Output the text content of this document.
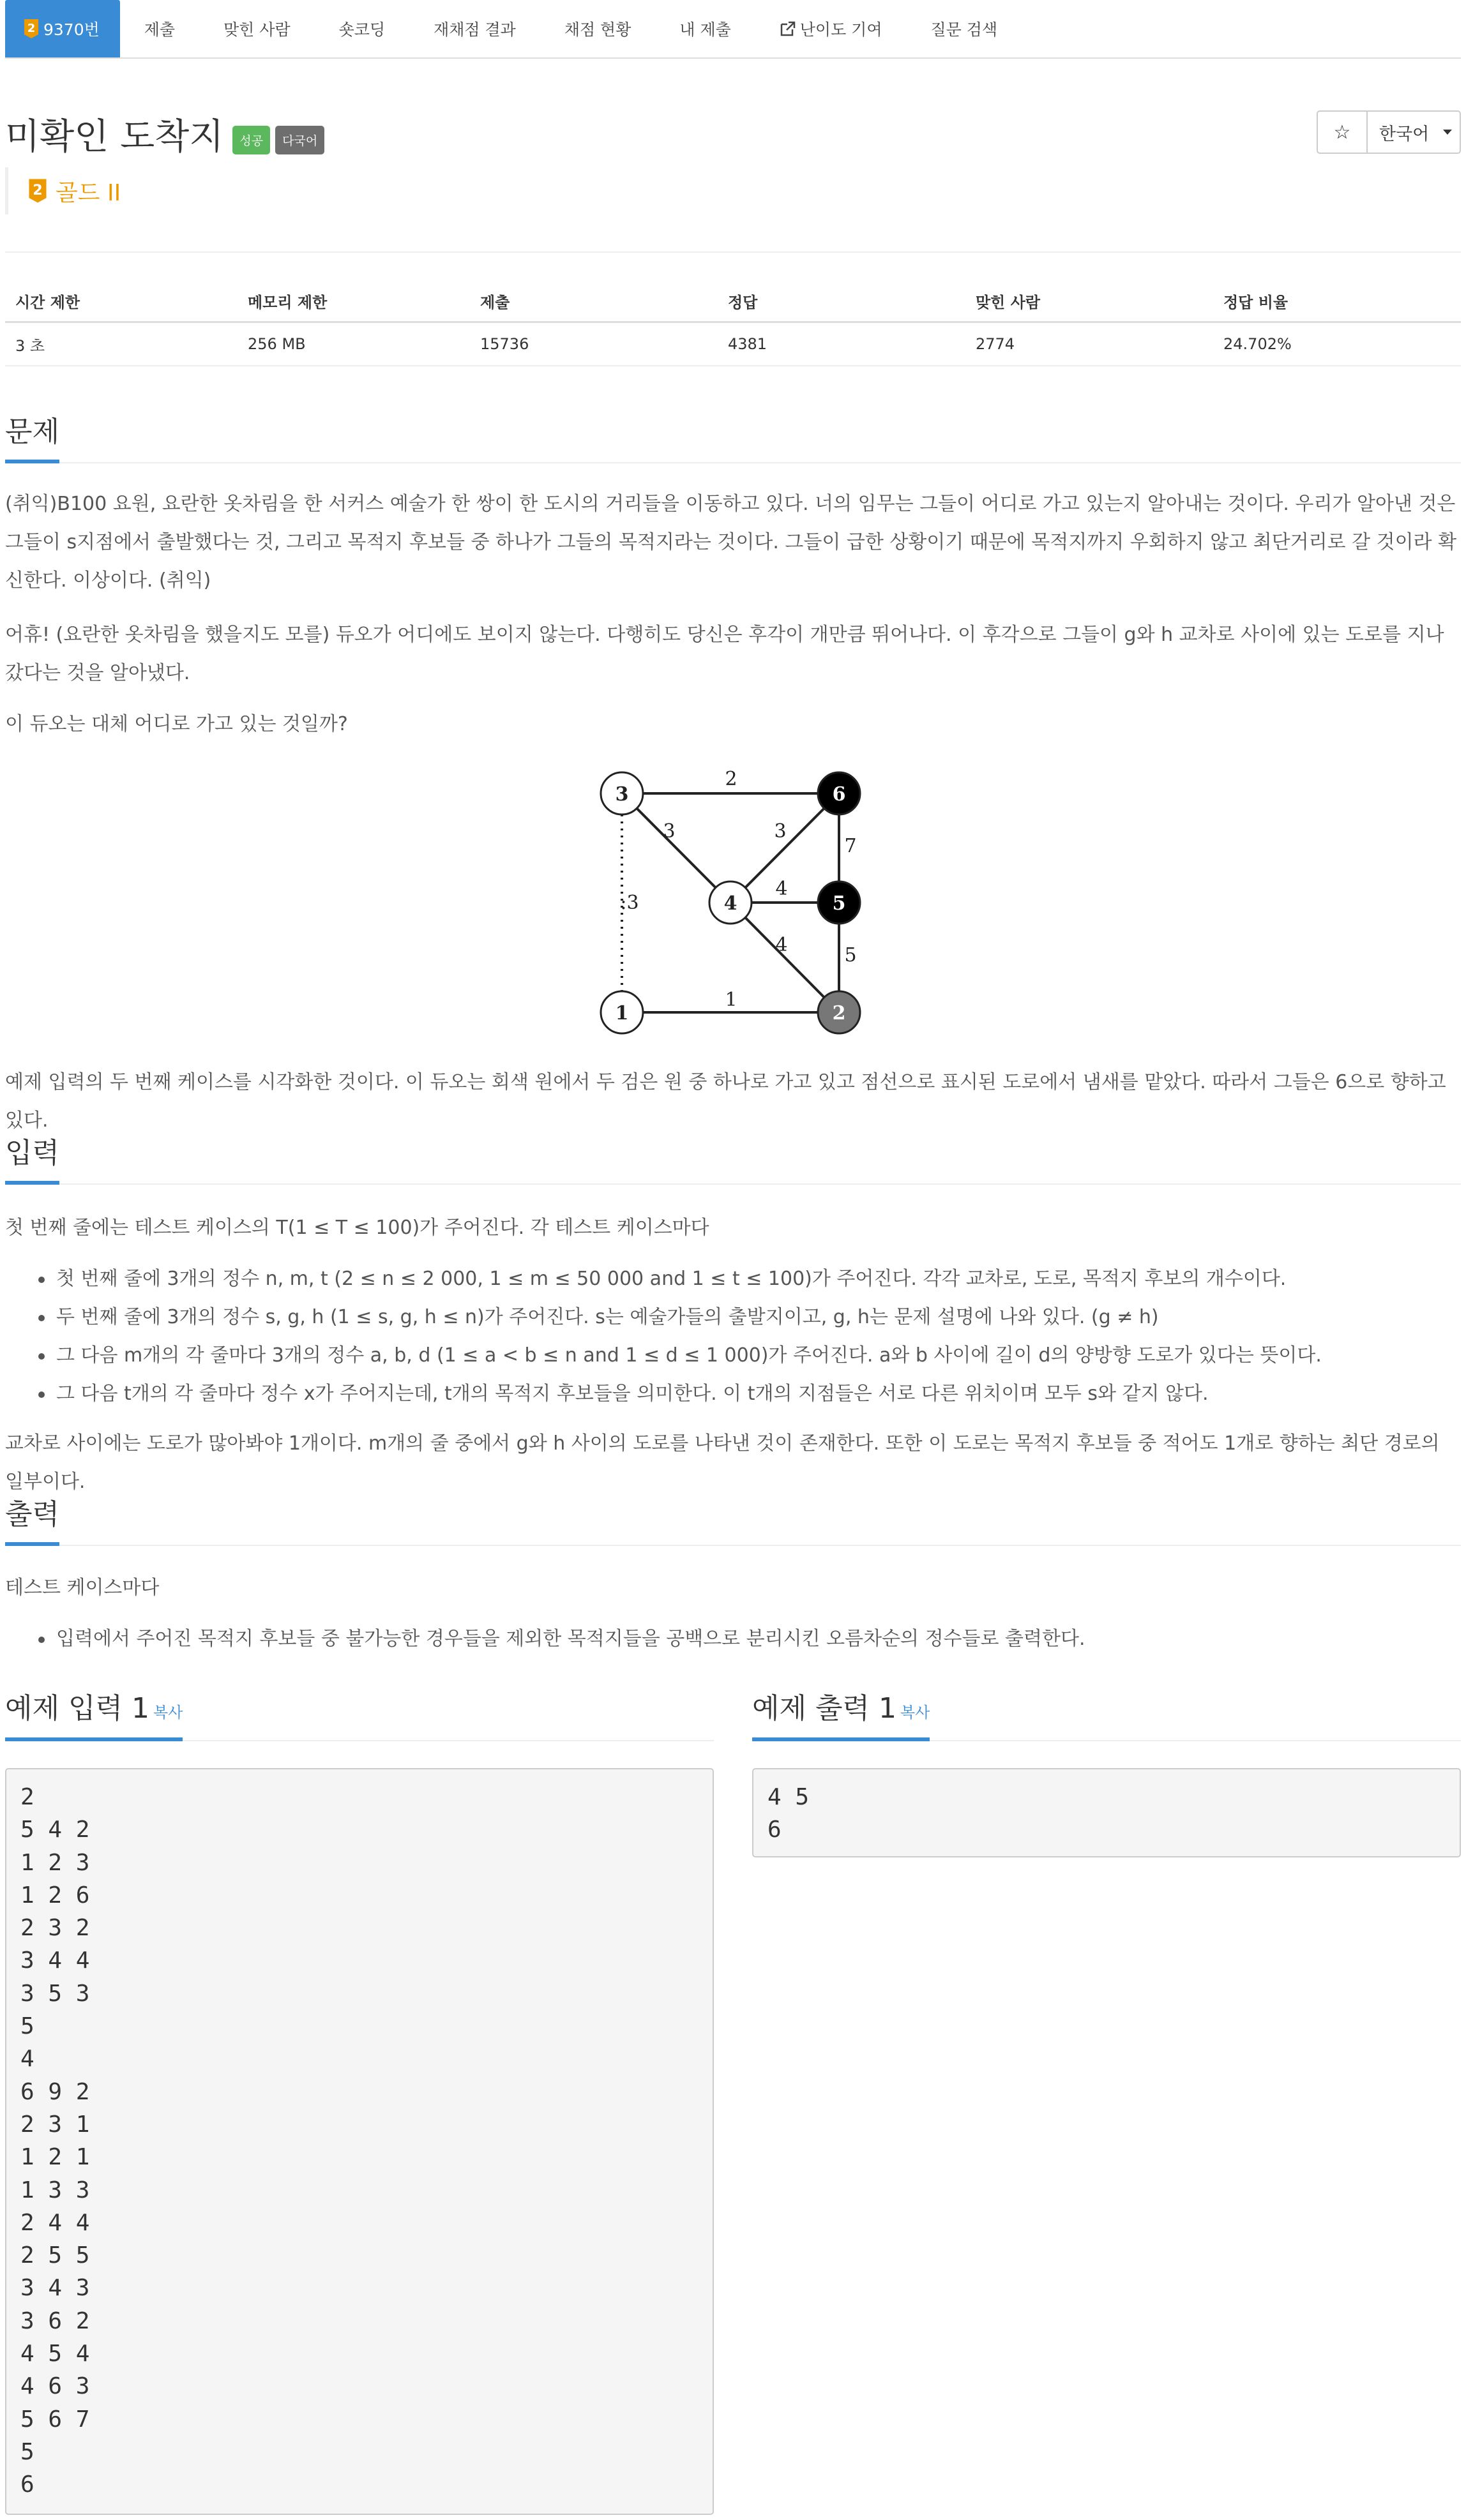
2 9370번	제출	맞힌 사람	숏코딩	재채점 결과	채점 현황	내 제출	난이도 기여	질문 검색
미확인 도착지	성공	다국어	☆	한국어
2 골드 II
시간 제한	메모리 제한	제출	정답	맞힌 사람	정답 비율
3 초	256 MB	15736	4381	2774	24.702%
문제

(취익)B100 요원, 요란한 옷차림을 한 서커스 예술가 한 쌍이 한 도시의 거리들을 이동하고 있다. 너의 임무는 그들이 어디로 가고 있는지 알아내는 것이다. 우리가 알아낸 것은 그들이 s지점에서 출발했다는 것, 그리고 목적지 후보들 중 하나가 그들의 목적지라는 것이다. 그들이 급한 상황이기 때문에 목적지까지 우회하지 않고 최단거리로 갈 것이라 확신한다. 이상이다. (취익)

어휴! (요란한 옷차림을 했을지도 모를) 듀오가 어디에도 보이지 않는다. 다행히도 당신은 후각이 개만큼 뛰어나다. 이 후각으로 그들이 g와 h 교차로 사이에 있는 도로를 지나갔다는 것을 알아냈다.

이 듀오는 대체 어디로 가고 있는 것일까?

2
3	3
7
4
:3
4	5
1
3	6
4	5
1	2

예제 입력의 두 번째 케이스를 시각화한 것이다. 이 듀오는 회색 원에서 두 검은 원 중 하나로 가고 있고 점선으로 표시된 도로에서 냄새를 맡았다. 따라서 그들은 6으로 향하고 있다.

입력

첫 번째 줄에는 테스트 케이스의 T(1 ≤ T ≤ 100)가 주어진다. 각 테스트 케이스마다

첫 번째 줄에 3개의 정수 n, m, t (2 ≤ n ≤ 2 000, 1 ≤ m ≤ 50 000 and 1 ≤ t ≤ 100)가 주어진다. 각각 교차로, 도로, 목적지 후보의 개수이다.
두 번째 줄에 3개의 정수 s, g, h (1 ≤ s, g, h ≤ n)가 주어진다. s는 예술가들의 출발지이고, g, h는 문제 설명에 나와 있다. (g ≠ h)
그 다음 m개의 각 줄마다 3개의 정수 a, b, d (1 ≤ a < b ≤ n and 1 ≤ d ≤ 1 000)가 주어진다. a와 b 사이에 길이 d의 양방향 도로가 있다는 뜻이다.
그 다음 t개의 각 줄마다 정수 x가 주어지는데, t개의 목적지 후보들을 의미한다. 이 t개의 지점들은 서로 다른 위치이며 모두 s와 같지 않다.

교차로 사이에는 도로가 많아봐야 1개이다. m개의 줄 중에서 g와 h 사이의 도로를 나타낸 것이 존재한다. 또한 이 도로는 목적지 후보들 중 적어도 1개로 향하는 최단 경로의 일부이다.

출력

테스트 케이스마다

입력에서 주어진 목적지 후보들 중 불가능한 경우들을 제외한 목적지들을 공백으로 분리시킨 오름차순의 정수들로 출력한다.
예제 입력 1 복사	예제 출력 1 복사
2
5 4 2
1 2 3
1 2 6
2 3 2
3 4 4
3 5 3
5
4
6 9 2
2 3 1
1 2 1
1 3 3
2 4 4
2 5 5
3 4 3
3 6 2
4 5 4
4 6 3
5 6 7
5
6
4 5
6
